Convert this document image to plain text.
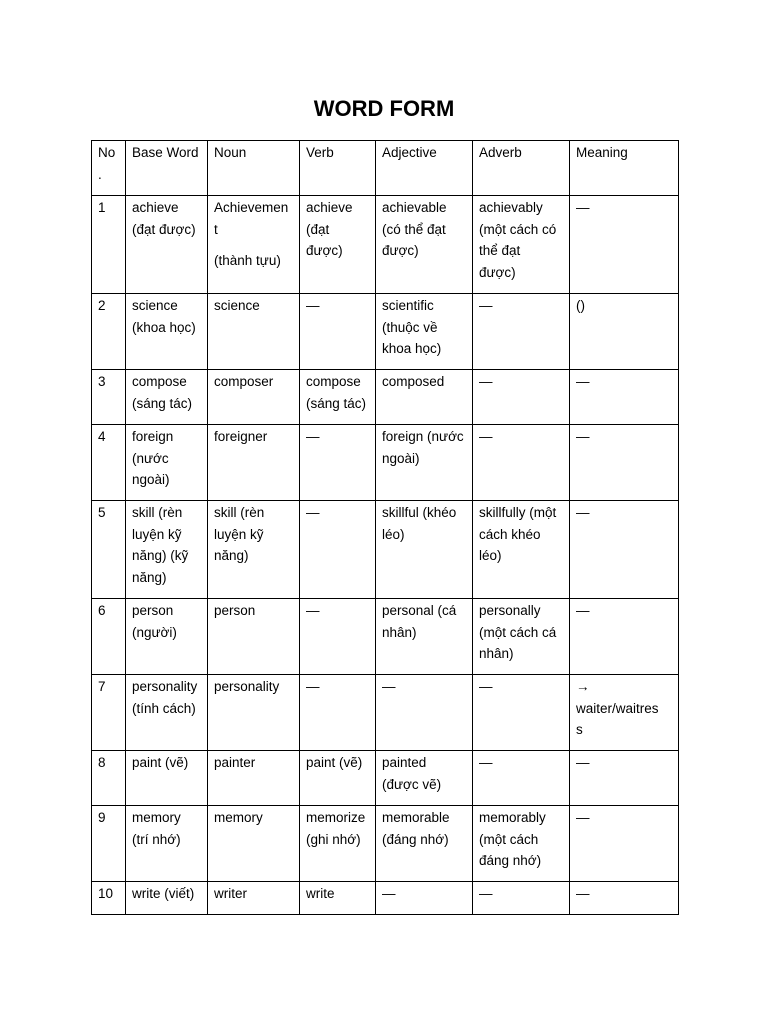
WORD FORM
No
.	Base Word	Noun	Verb	Adjective	Adverb	Meaning

1	achieve
(đạt được)	Achievemen
t
(thành tựu)	achieve
(đạt
được)	achievable
(có thể đạt
được)	achievably
(một cách có
thể đạt
được)	—

2	science
(khoa học)	science	—	scientific
(thuộc về
khoa học)	—	()

3	compose
(sáng tác)	composer	compose
(sáng tác)	composed	—	—

4	foreign
(nước
ngoài)	foreigner	—	foreign (nước
ngoài)	—	—

5	skill (rèn
luyện kỹ
năng) (kỹ
năng)	skill (rèn
luyện kỹ
năng)	—	skillful (khéo
léo)	skillfully (một
cách khéo
léo)	—

6	person
(người)	person	—	personal (cá
nhân)	personally
(một cách cá
nhân)	—

7	personality
(tính cách)	personality	—	—	—	→
waiter/waitres
s

8	paint (vẽ)	painter	paint (vẽ)	painted
(được vẽ)	—	—

9	memory
(trí nhớ)	memory	memorize
(ghi nhớ)	memorable
(đáng nhớ)	memorably
(một cách
đáng nhớ)	—

10	write (viết)	writer	write	—	—	—
